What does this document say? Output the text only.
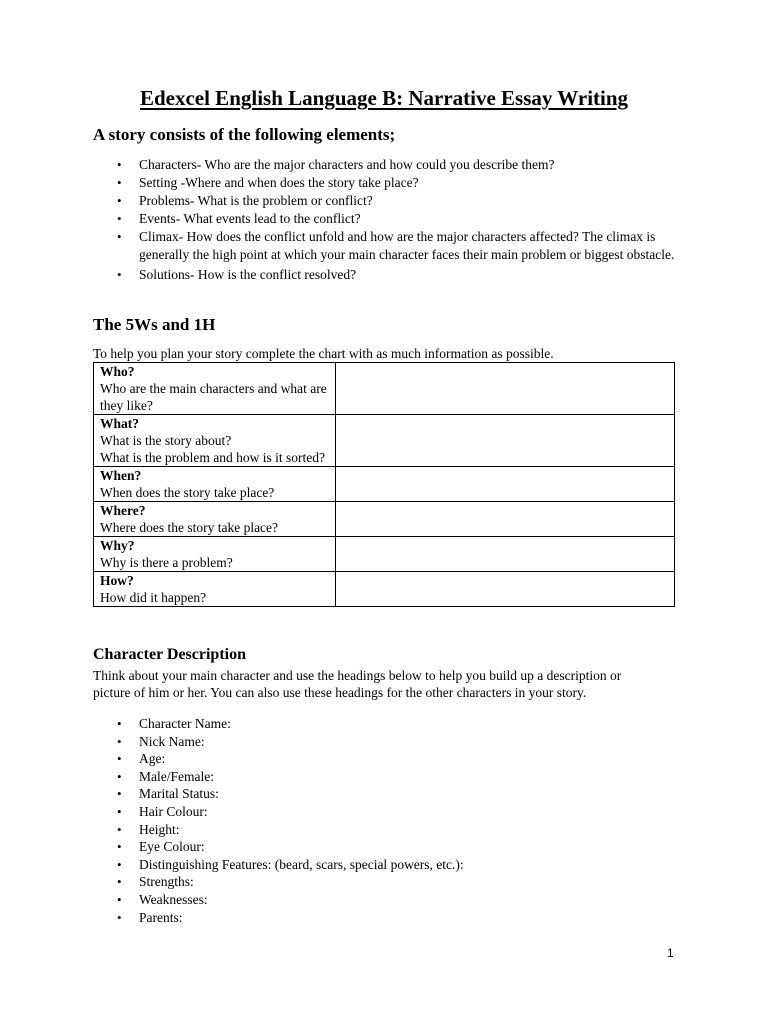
Edexcel English Language B: Narrative Essay Writing
A story consists of the following elements;
• Characters- Who are the major characters and how could you describe them?
• Setting -Where and when does the story take place?
• Problems- What is the problem or conflict?
• Events- What events lead to the conflict?
• Climax- How does the conflict unfold and how are the major characters affected? The climax is generally the high point at which your main character faces their main problem or biggest obstacle.
• Solutions- How is the conflict resolved?
The 5Ws and 1H

To help you plan your story complete the chart with as much information as possible.

Who?
Who are the main characters and what are they like?	

What?
What is the story about?
What is the problem and how is it sorted?	

When?
When does the story take place?	

Where?
Where does the story take place?	

Why?
Why is there a problem?	

How?
How did it happen?	

Character Description

Think about your main character and use the headings below to help you build up a description or picture of him or her. You can also use these headings for the other characters in your story.

• Character Name:
• Nick Name:
• Age:
• Male/Female:
• Marital Status:
• Hair Colour:
• Height:
• Eye Colour:
• Distinguishing Features: (beard, scars, special powers, etc.):
• Strengths:
• Weaknesses:
• Parents:
1
